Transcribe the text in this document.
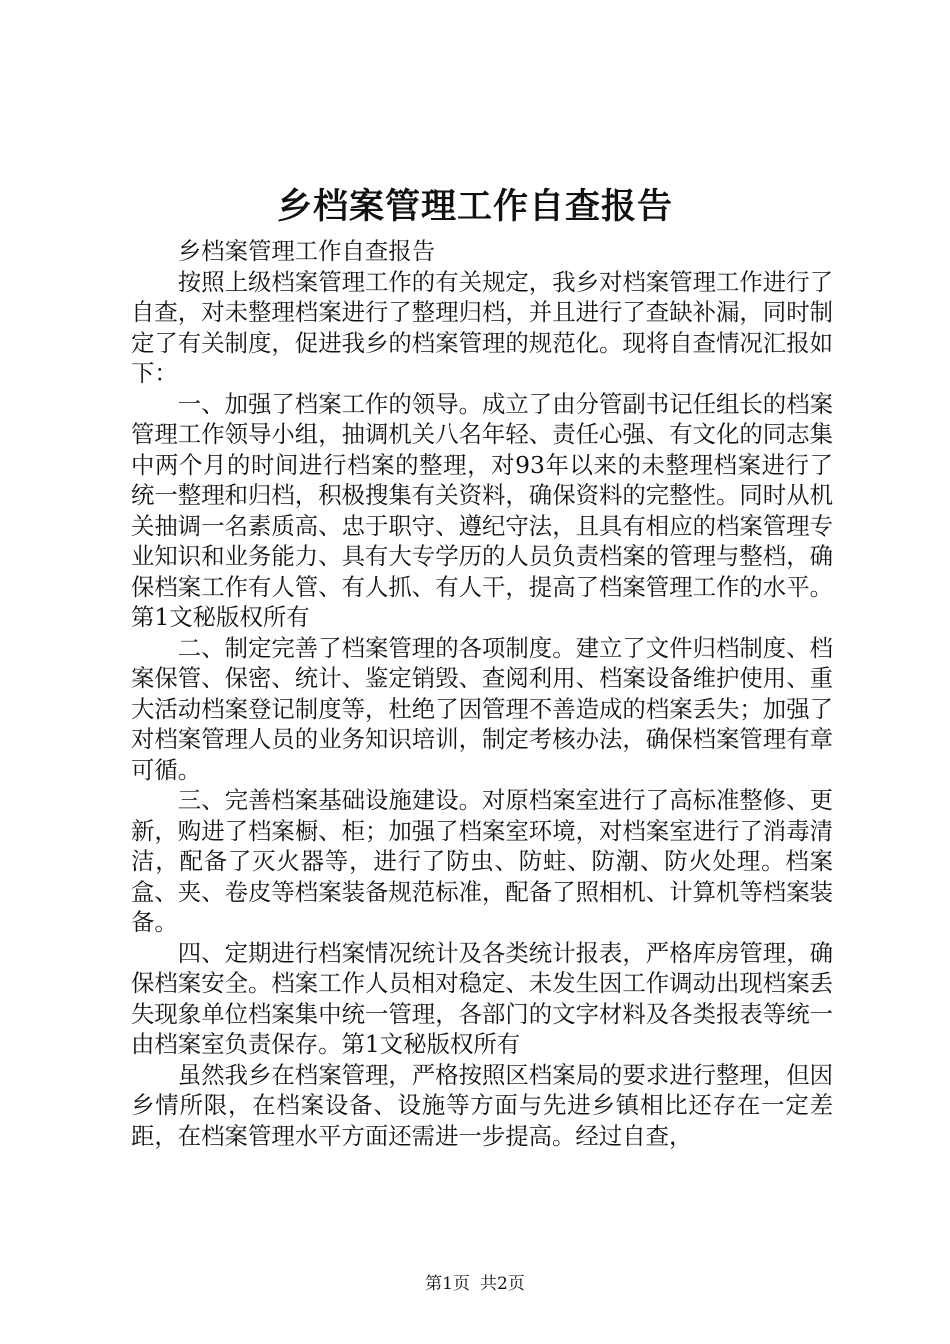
乡档案管理工作自查报告

乡档案管理工作自查报告

按照上级档案管理工作的有关规定，我乡对档案管理工作进行了自查，对未整理档案进行了整理归档，并且进行了查缺补漏，同时制定了有关制度，促进我乡的档案管理的规范化。现将自查情况汇报如下：

一、加强了档案工作的领导。成立了由分管副书记任组长的档案管理工作领导小组，抽调机关八名年轻、责任心强、有文化的同志集中两个月的时间进行档案的整理，对93年以来的未整理档案进行了统一整理和归档，积极搜集有关资料，确保资料的完整性。同时从机关抽调一名素质高、忠于职守、遵纪守法，且具有相应的档案管理专业知识和业务能力、具有大专学历的人员负责档案的管理与整档，确保档案工作有人管、有人抓、有人干，提高了档案管理工作的水平。第1文秘版权所有

二、制定完善了档案管理的各项制度。建立了文件归档制度、档案保管、保密、统计、鉴定销毁、查阅利用、档案设备维护使用、重大活动档案登记制度等，杜绝了因管理不善造成的档案丢失；加强了对档案管理人员的业务知识培训，制定考核办法，确保档案管理有章可循。

三、完善档案基础设施建设。对原档案室进行了高标准整修、更新，购进了档案橱、柜；加强了档案室环境，对档案室进行了消毒清洁，配备了灭火器等，进行了防虫、防蛀、防潮、防火处理。档案盒、夹、卷皮等档案装备规范标准，配备了照相机、计算机等档案装备。

四、定期进行档案情况统计及各类统计报表，严格库房管理，确保档案安全。档案工作人员相对稳定、未发生因工作调动出现档案丢失现象单位档案集中统一管理，各部门的文字材料及各类报表等统一由档案室负责保存。第1文秘版权所有

虽然我乡在档案管理，严格按照区档案局的要求进行整理，但因乡情所限，在档案设备、设施等方面与先进乡镇相比还存在一定差距，在档案管理水平方面还需进一步提高。经过自查，

第1页 共2页
